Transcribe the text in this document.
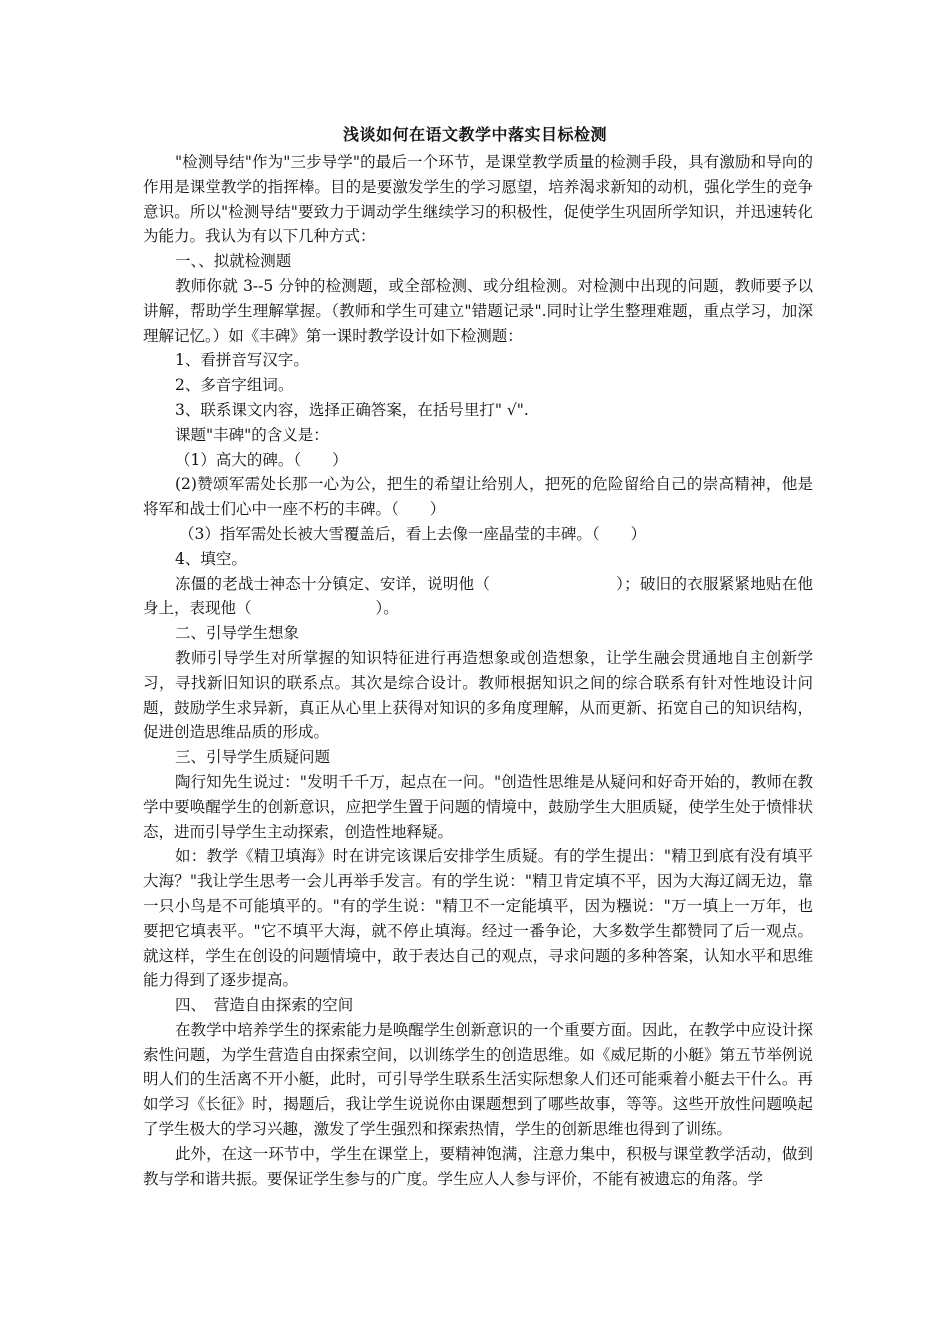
浅谈如何在语文教学中落实目标检测

"检测导结"作为"三步导学"的最后一个环节，是课堂教学质量的检测手段，具有激励和导向的作用是课堂教学的指挥棒。目的是要激发学生的学习愿望，培养渴求新知的动机，强化学生的竞争意识。所以"检测导结"要致力于调动学生继续学习的积极性，促使学生巩固所学知识，并迅速转化为能力。我认为有以下几种方式：

一、、拟就检测题

教师你就 3--5 分钟的检测题，或全部检测、或分组检测。对检测中出现的问题，教师要予以讲解，帮助学生理解掌握。（教师和学生可建立"错题记录".同时让学生整理难题，重点学习，加深理解记忆。）如《丰碑》第一课时教学设计如下检测题：

1、看拼音写汉字。

2、多音字组词。

3、联系课文内容，选择正确答案，在括号里打" √".

课题"丰碑"的含义是：

（1）高大的碑。（　　）

(2)赞颂军需处长那一心为公，把生的希望让给别人，把死的危险留给自己的崇高精神，他是将军和战士们心中一座不朽的丰碑。（　　）

（3）指军需处长被大雪覆盖后，看上去像一座晶莹的丰碑。（　　）

4、填空。

冻僵的老战士神态十分镇定、安详，说明他（　　　　　　　　）；破旧的衣服紧紧地贴在他身上，表现他（　　　　　　　　）。

二、引导学生想象

教师引导学生对所掌握的知识特征进行再造想象或创造想象，让学生融会贯通地自主创新学习，寻找新旧知识的联系点。其次是综合设计。教师根据知识之间的综合联系有针对性地设计问题，鼓励学生求异新，真正从心里上获得对知识的多角度理解，从而更新、拓宽自己的知识结构，促进创造思维品质的形成。

三、引导学生质疑问题

陶行知先生说过："发明千千万，起点在一问。"创造性思维是从疑问和好奇开始的，教师在教学中要唤醒学生的创新意识，应把学生置于问题的情境中，鼓励学生大胆质疑，使学生处于愤悱状态，进而引导学生主动探索，创造性地释疑。

如：教学《精卫填海》时在讲完该课后安排学生质疑。有的学生提出："精卫到底有没有填平大海？"我让学生思考一会儿再举手发言。有的学生说："精卫肯定填不平，因为大海辽阔无边，靠一只小鸟是不可能填平的。"有的学生说："精卫不一定能填平，因为糨说："万一填上一万年，也要把它填表平。"它不填平大海，就不停止填海。经过一番争论，大多数学生都赞同了后一观点。就这样，学生在创设的问题情境中，敢于表达自己的观点，寻求问题的多种答案，认知水平和思维能力得到了逐步提高。

四、　营造自由探索的空间

在教学中培养学生的探索能力是唤醒学生创新意识的一个重要方面。因此，在教学中应设计探索性问题，为学生营造自由探索空间，以训练学生的创造思维。如《威尼斯的小艇》第五节举例说明人们的生活离不开小艇，此时，可引导学生联系生活实际想象人们还可能乘着小艇去干什么。再如学习《长征》时，揭题后，我让学生说说你由课题想到了哪些故事，等等。这些开放性问题唤起了学生极大的学习兴趣，激发了学生强烈和探索热情，学生的创新思维也得到了训练。

此外，在这一环节中，学生在课堂上，要精神饱满，注意力集中，积极与课堂教学活动，做到教与学和谐共振。要保证学生参与的广度。学生应人人参与评价，不能有被遗忘的角落。学
